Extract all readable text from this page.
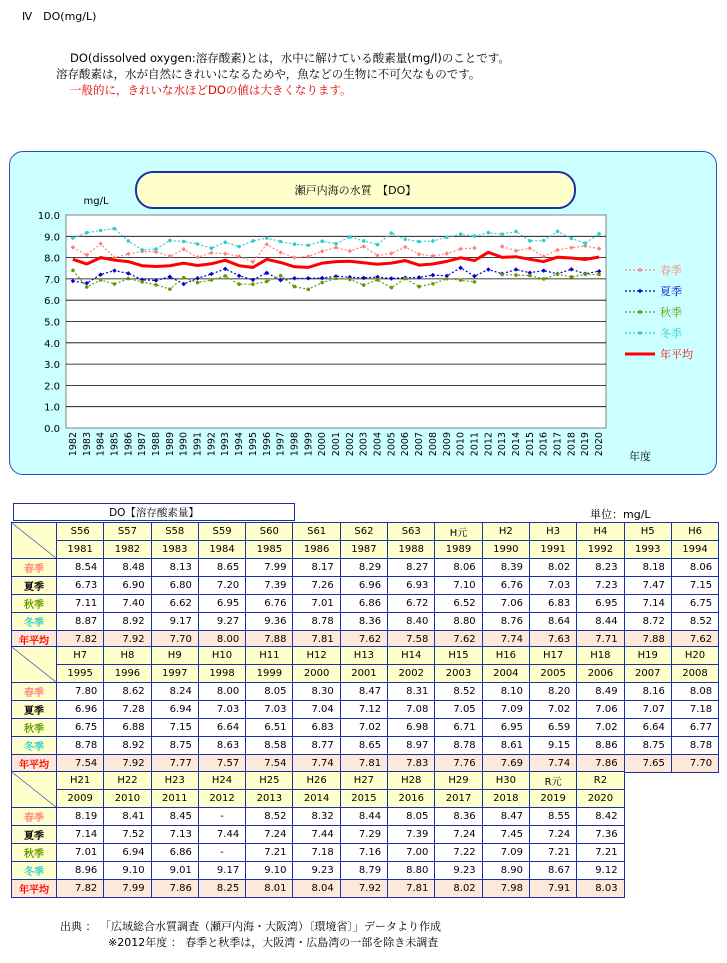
Ⅳ　DO(mg/L)
DO(dissolved oxygen:溶存酸素)とは，水中に解けている酸素量(mg/l)のことです。
溶存酸素は，水が自然にきれいになるためや，魚などの生物に不可欠なものです。
一般的に，きれいな水ほどDOの値は大きくなります。
瀬戸内海の水質　【DO】
10.0
9.0
8.0
7.0
6.0
5.0
4.0
3.0
2.0
1.0
0.0
mg/L
1982 1983 1984 1985 1986 1987 1988 1989 1990 1991 1992 1993 1994 1995 1996 1997 1998 1999 2000 2001 2002 2003 2004 2005 2006 2007 2008 2009 2010 2011 2012 2013 2014 2015 2016 2017 2018 2019 2020
年度
春季
夏季
秋季
冬季
年平均
DO【溶存酸素量】	単位：mg/L
	S56	S57	S58	S59	S60	S61	S62	S63	H元	H2	H3	H4	H5	H6
	1981	1982	1983	1984	1985	1986	1987	1988	1989	1990	1991	1992	1993	1994
春季	8.54	8.48	8.13	8.65	7.99	8.17	8.29	8.27	8.06	8.39	8.02	8.23	8.18	8.06
夏季	6.73	6.90	6.80	7.20	7.39	7.26	6.96	6.93	7.10	6.76	7.03	7.23	7.47	7.15
秋季	7.11	7.40	6.62	6.95	6.76	7.01	6.86	6.72	6.52	7.06	6.83	6.95	7.14	6.75
冬季	8.87	8.92	9.17	9.27	9.36	8.78	8.36	8.40	8.80	8.76	8.64	8.44	8.72	8.52
年平均	7.82	7.92	7.70	8.00	7.88	7.81	7.62	7.58	7.62	7.74	7.63	7.71	7.88	7.62
	H7	H8	H9	H10	H11	H12	H13	H14	H15	H16	H17	H18	H19	H20
	1995	1996	1997	1998	1999	2000	2001	2002	2003	2004	2005	2006	2007	2008
春季	7.80	8.62	8.24	8.00	8.05	8.30	8.47	8.31	8.52	8.10	8.20	8.49	8.16	8.08
夏季	6.96	7.28	6.94	7.03	7.03	7.04	7.12	7.08	7.05	7.09	7.02	7.06	7.07	7.18
秋季	6.75	6.88	7.15	6.64	6.51	6.83	7.02	6.98	6.71	6.95	6.59	7.02	6.64	6.77
冬季	8.78	8.92	8.75	8.63	8.58	8.77	8.65	8.97	8.78	8.61	9.15	8.86	8.75	8.78
年平均	7.54	7.92	7.77	7.57	7.54	7.74	7.81	7.83	7.76	7.69	7.74	7.86	7.65	7.70
	H21	H22	H23	H24	H25	H26	H27	H28	H29	H30	R元	R2
	2009	2010	2011	2012	2013	2014	2015	2016	2017	2018	2019	2020
春季	8.19	8.41	8.45	-	8.52	8.32	8.44	8.05	8.36	8.47	8.55	8.42
夏季	7.14	7.52	7.13	7.44	7.24	7.44	7.29	7.39	7.24	7.45	7.24	7.36
秋季	7.01	6.94	6.86	-	7.21	7.18	7.16	7.00	7.22	7.09	7.21	7.21
冬季	8.96	9.10	9.01	9.17	9.10	9.23	8.79	8.80	9.23	8.90	8.67	9.12
年平均	7.82	7.99	7.86	8.25	8.01	8.04	7.92	7.81	8.02	7.98	7.91	8.03
出典 ： 「広域総合水質調査（瀬戸内海・大阪湾）〔環境省〕」データより作成
※2012年度 ： 春季と秋季は，大阪湾・広島湾の一部を除き未調査
